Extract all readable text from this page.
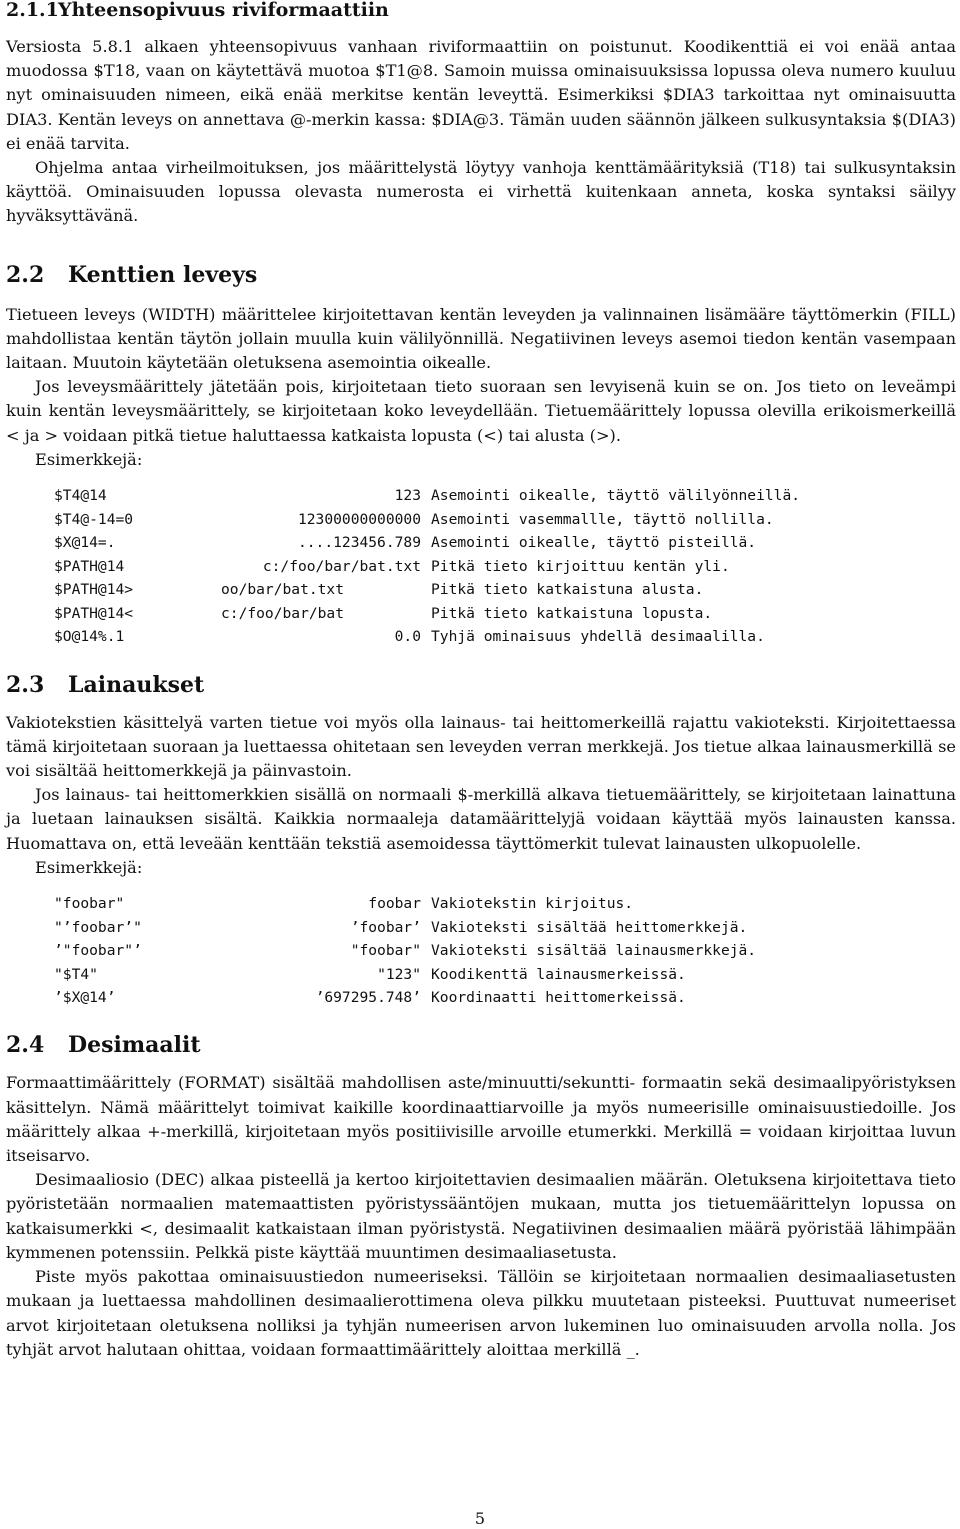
2.1.1Yhteensopivuus riviformaattiin

Versiosta 5.8.1 alkaen yhteensopivuus vanhaan riviformaattiin on poistunut. Koodikenttiä ei voi enää antaa muodossa $T18, vaan on käytettävä muotoa $T1@8. Samoin muissa ominaisuuksissa lopussa oleva numero kuuluu nyt ominaisuuden nimeen, eikä enää merkitse kentän leveyttä. Esimerkiksi $DIA3 tarkoittaa nyt ominaisuutta DIA3. Kentän leveys on annettava @-merkin kassa: $DIA@3. Tämän uuden säännön jälkeen sulkusyntaksia $(DIA3) ei enää tarvita.

Ohjelma antaa virheilmoituksen, jos määrittelystä löytyy vanhoja kenttämäärityksiä (T18) tai sulkusyntaksin käyttöä. Ominaisuuden lopussa olevasta numerosta ei virhettä kuitenkaan anneta, koska syntaksi säilyy hyväksyttävänä.

2.2 Kenttien leveys

Tietueen leveys (WIDTH) määrittelee kirjoitettavan kentän leveyden ja valinnainen lisämääre täyttömerkin (FILL) mahdollistaa kentän täytön jollain muulla kuin välilyönnillä. Negatiivinen leveys asemoi tiedon kentän vasempaan laitaan. Muutoin käytetään oletuksena asemointia oikealle.

Jos leveysmäärittely jätetään pois, kirjoitetaan tieto suoraan sen levyisenä kuin se on. Jos tieto on leveämpi kuin kentän leveysmäärittely, se kirjoitetaan koko leveydellään. Tietuemäärittely lopussa olevilla erikoismerkeillä < ja > voidaan pitkä tietue haluttaessa katkaista lopusta (<) tai alusta (>).

Esimerkkejä:

$T4@14	123	Asemointi oikealle, täyttö välilyönneillä.
$T4@-14=0	12300000000000	Asemointi vasemmallle, täyttö nollilla.
$X@14=.	....123456.789	Asemointi oikealle, täyttö pisteillä.
$PATH@14	c:/foo/bar/bat.txt	Pitkä tieto kirjoittuu kentän yli.
$PATH@14>	oo/bar/bat.txt	Pitkä tieto katkaistuna alusta.
$PATH@14<	c:/foo/bar/bat	Pitkä tieto katkaistuna lopusta.
$O@14%.1	0.0	Tyhjä ominaisuus yhdellä desimaalilla.
2.3 Lainaukset

Vakiotekstien käsittelyä varten tietue voi myös olla lainaus- tai heittomerkeillä rajattu vakioteksti. Kirjoitettaessa tämä kirjoitetaan suoraan ja luettaessa ohitetaan sen leveyden verran merkkejä. Jos tietue alkaa lainausmerkillä se voi sisältää heittomerkkejä ja päinvastoin.

Jos lainaus- tai heittomerkkien sisällä on normaali $-merkillä alkava tietuemäärittely, se kirjoitetaan lainattuna ja luetaan lainauksen sisältä. Kaikkia normaaleja datamäärittelyjä voidaan käyttää myös lainausten kanssa. Huomattava on, että leveään kenttään tekstiä asemoidessa täyttömerkit tulevat lainausten ulkopuolelle.

Esimerkkejä:

"foobar"	foobar	Vakiotekstin kirjoitus.
"’foobar’"	’foobar’	Vakioteksti sisältää heittomerkkejä.
’"foobar"’	"foobar"	Vakioteksti sisältää lainausmerkkejä.
"$T4"	"123"	Koodikenttä lainausmerkeissä.
’$X@14’	’697295.748’	Koordinaatti heittomerkeissä.
2.4 Desimaalit

Formaattimäärittely (FORMAT) sisältää mahdollisen aste/minuutti/sekuntti- formaatin sekä desimaalipyöristyksen käsittelyn. Nämä määrittelyt toimivat kaikille koordinaattiarvoille ja myös numeerisille ominaisuustiedoille. Jos määrittely alkaa +-merkillä, kirjoitetaan myös positiivisille arvoille etumerkki. Merkillä = voidaan kirjoittaa luvun itseisarvo.

Desimaaliosio (DEC) alkaa pisteellä ja kertoo kirjoitettavien desimaalien määrän. Oletuksena kirjoitettava tieto pyöristetään normaalien matemaattisten pyöristyssääntöjen mukaan, mutta jos tietuemäärittelyn lopussa on katkaisumerkki <, desimaalit katkaistaan ilman pyöristystä. Negatiivinen desimaalien määrä pyöristää lähimpään kymmenen potenssiin. Pelkkä piste käyttää muuntimen desimaaliasetusta.

Piste myös pakottaa ominaisuustiedon numeeriseksi. Tällöin se kirjoitetaan normaalien desimaaliasetusten mukaan ja luettaessa mahdollinen desimaalierottimena oleva pilkku muutetaan pisteeksi. Puuttuvat numeeriset arvot kirjoitetaan oletuksena nolliksi ja tyhjän numeerisen arvon lukeminen luo ominaisuuden arvolla nolla. Jos tyhjät arvot halutaan ohittaa, voidaan formaattimäärittely aloittaa merkillä _.

5
